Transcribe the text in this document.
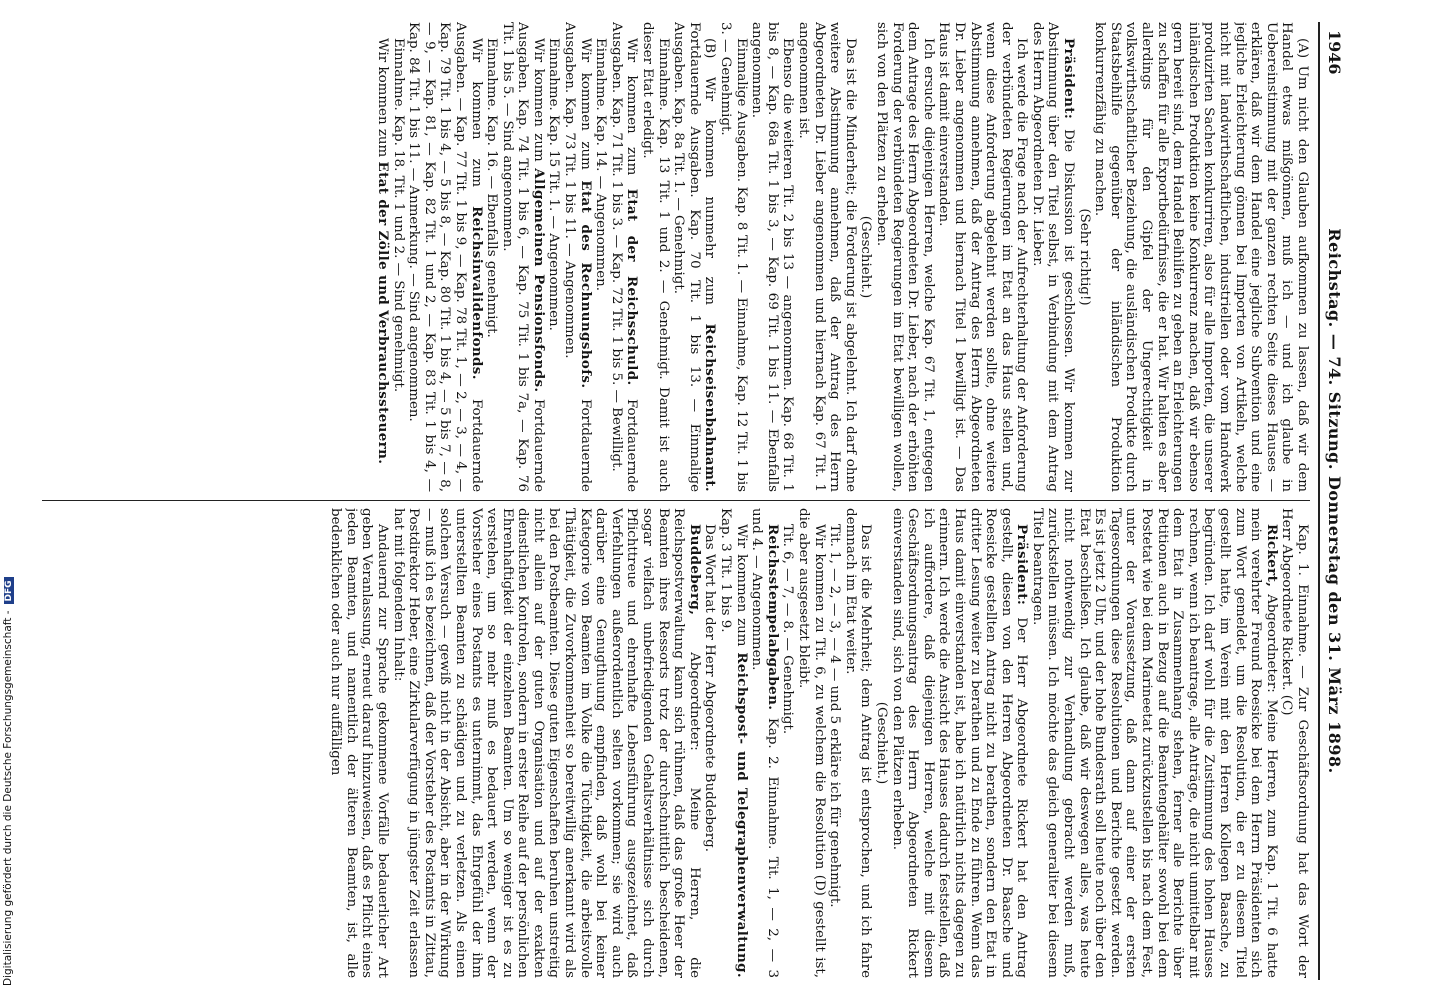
1946
Reichstag. — 74. Sitzung. Donnerstag den 31. März 1898.

(A) Um nicht den Glauben aufkommen zu lassen, daß wir dem Handel etwas mißgönnen, muß ich — und ich glaube in Uebereinstimmung mit der ganzen rechten Seite dieses Hauses — erklären, daß wir dem Handel eine jegliche Subvention und eine jegliche Erleichterung gönnen bei Importen von Artikeln, welche nicht mit landwirthschaftlichen, industriellen oder vom Handwerk produzirten Sachen konkurriren, also für alle Importen, die unserer inländischen Produktion keine Konkurrenz machen, daß wir ebenso gern bereit sind, dem Handel Beihilfen zu geben an Erleichterungen zu schaffen für alle Exportbedürfnisse, die er hat. Wir halten es aber allerdings für den Gipfel der Ungerechtigkeit in volkswirthschaftlicher Beziehung, die ausländischen Produkte durch Staatsbeihilfe gegenüber der inländischen Produktion konkurrenzfähig zu machen.

(Sehr richtig!)

Präsident: Die Diskussion ist geschlossen. Wir kommen zur Abstimmung über den Titel selbst, in Verbindung mit dem Antrag des Herrn Abgeordneten Dr. Lieber.

Ich werde die Frage nach der Aufrechterhaltung der Anforderung der verbündeten Regierungen im Etat an das Haus stellen und, wenn diese Anforderung abgelehnt werden sollte, ohne weitere Abstimmung annehmen, daß der Antrag des Herrn Abgeordneten Dr. Lieber angenommen und hiernach Titel 1 bewilligt ist. — Das Haus ist damit einverstanden.

Ich ersuche diejenigen Herren, welche Kap. 67 Tit. 1, entgegen dem Antrage des Herrn Abgeordneten Dr. Lieber, nach der erhöhten Forderung der verbündeten Regierungen im Etat bewilligen wollen, sich von den Plätzen zu erheben.

(Geschieht.)

Das ist die Minderheit; die Forderung ist abgelehnt. Ich darf ohne weitere Abstimmung annehmen, daß der Antrag des Herrn Abgeordneten Dr. Lieber angenommen und hiernach Kap. 67 Tit. 1 angenommen ist.

Ebenso die weiteren Tit. 2 bis 13 — angenommen. Kap. 68 Tit. 1 bis 8, — Kap. 68a Tit. 1 bis 3, — Kap. 69 Tit. 1 bis 11. — Ebenfalls angenommen.

Einmalige Ausgaben. Kap. 8 Tit. 1. — Einnahme, Kap. 12 Tit. 1 bis 3. — Genehmigt.

(B) Wir kommen nunmehr zum Reichseisenbahnamt. Fortdauernde Ausgaben. Kap. 70 Tit. 1 bis 13. — Einmalige Ausgaben. Kap. 8a Tit. 1. — Genehmigt.

Einnahme. Kap. 13 Tit. 1 und 2. — Genehmigt. Damit ist auch dieser Etat erledigt.

Wir kommen zum Etat der Reichsschuld. Fortdauernde Ausgaben. Kap. 71 Tit. 1 bis 3. — Kap. 72 Tit. 1 bis 5. — Bewilligt.

Einnahme. Kap. 14. — Angenommen.

Wir kommen zum Etat des Rechnungshofs. Fortdauernde Ausgaben. Kap. 73 Tit. 1 bis 11. — Angenommen.

Einnahme. Kap. 15 Tit. 1. — Angenommen.

Wir kommen zum Allgemeinen Pensionsfonds. Fortdauernde Ausgaben. Kap. 74 Tit. 1 bis 6, — Kap. 75 Tit. 1 bis 7a, — Kap. 76 Tit. 1 bis 5. — Sind angenommen.

Einnahme. Kap. 16. — Ebenfalls genehmigt.

Wir kommen zum Reichsinvalidenfonds. Fortdauernde Ausgaben. — Kap. 77 Tit. 1 bis 9, — Kap. 78 Tit. 1, — 2, — 3, — 4, — Kap. 79 Tit. 1 bis 4, — 5 bis 8, — Kap. 80 Tit. 1 bis 4, — 5 bis 7, — 8, — 9, — Kap. 81, — Kap. 82 Tit. 1 und 2, — Kap. 83 Tit. 1 bis 4, — Kap. 84 Tit. 1 bis 11. — Anmerkung. — Sind angenommen.

Einnahme. Kap. 18. Tit. 1 und 2. — Sind genehmigt.

Wir kommen zum Etat der Zölle und Verbrauchssteuern.

Kap. 1. Einnahme. — Zur Geschäftsordnung hat das Wort der Herr Abgeordnete Rickert. (C)

Rickert, Abgeordneter: Meine Herren, zum Kap. 1 Tit. 6 hatte mein verehrter Freund Roesicke bei dem Herrn Präsidenten sich zum Wort gemeldet, um die Resolution, die er zu diesem Titel gestellt hatte, im Verein mit den Herren Kollegen Baasche, zu begründen. Ich darf wohl für die Zustimmung des hohen Hauses rechnen, wenn ich beantrage, alle Anträge, die nicht unmittelbar mit dem Etat in Zusammenhang stehen, ferner alle Berichte über Petitionen auch in Bezug auf die Beamtengehälter sowohl bei dem Postetat wie bei dem Marineetat zurückzustellen bis nach dem Fest, unter der Voraussetzung, daß dann auf einer der ersten Tagesordnungen diese Resolutionen und Berichte gesetzt werden. Es ist jetzt 2 Uhr, und der hohe Bundesrath soll heute noch über den Etat beschließen. Ich glaube, daß wir deswegen alles, was heute nicht nothwendig zur Verhandlung gebracht werden muß, zurückstellen müssen. Ich möchte das gleich generaliter bei diesem Titel beantragen.

Präsident: Der Herr Abgeordnete Rickert hat den Antrag gestellt, diesen von den Herren Abgeordneten Dr. Baasche und Roesicke gestellten Antrag nicht zu berathen, sondern den Etat in dritter Lesung weiter zu berathen und zu Ende zu führen. Wenn das Haus damit einverstanden ist, habe ich natürlich nichts dagegen zu erinnern. Ich werde die Ansicht des Hauses dadurch feststellen, daß ich auffordere, daß diejenigen Herren, welche mit diesem Geschäftsordnungsantrag des Herrn Abgeordneten Rickert einverstanden sind, sich von den Plätzen erheben.

(Geschieht.)

Das ist die Mehrheit; dem Antrag ist entsprochen, und ich fahre demnach im Etat weiter.

Tit. 1, — 2, — 3, — 4 — und 5 erkläre ich für genehmigt.

Wir kommen zu Tit. 6, zu welchem die Resolution (D) gestellt ist, die aber ausgesetzt bleibt.

Tit. 6, — 7, — 8. — Genehmigt.

Reichsstempelabgaben. Kap. 2. Einnahme. Tit. 1, — 2, — 3 und 4. — Angenommen.

Wir kommen zum Reichspost- und Telegraphenverwaltung. Kap. 3 Tit. 1 bis 9.

Das Wort hat der Herr Abgeordnete Buddeberg.

Buddeberg, Abgeordneter: Meine Herren, die Reichspostverwaltung kann sich rühmen, daß das große Heer der Beamten ihres Ressorts trotz der durchschnittlich bescheidenen, sogar vielfach unbefriedigenden Gehaltsverhältnisse sich durch Pflichttreue und ehrenhafte Lebensführung ausgezeichnet, daß Verfehlungen außerordentlich selten vorkommen; sie wird auch darüber eine Genugthuung empfinden, daß wohl bei keiner Kategorie von Beamten im Volke die Tüchtigkeit, die arbeitsvolle Thätigkeit, die Zuvorkommenheit so bereitwillig anerkannt wird als bei den Postbeamten. Diese guten Eigenschaften beruhen unstreitig nicht allein auf der guten Organisation und auf der exakten dienstlichen Kontrolen, sondern in erster Reihe auf der persönlichen Ehrenhaftigkeit der einzelnen Beamten. Um so weniger ist es zu verstehen, um so mehr muß es bedauert werden, wenn der Vorsteher eines Postamts es unternimmt, das Ehrgefühl der ihm unterstellten Beamten zu schädigen und zu verletzen. Als einen solchen Versuch — gewiß nicht in der Absicht, aber in der Wirkung — muß ich es bezeichnen, daß der Vorsteher des Postamts in Zittau, Postdirektor Heber, eine Zirkularverfügung in jüngster Zeit erlassen hat mit folgendem Inhalt:

Andauernd zur Sprache gekommene Vorfälle bedauerlicher Art geben Veranlassung, erneut darauf hinzuweisen, daß es Pflicht eines jeden Beamten, und namentlich der älteren Beamten, ist, alle bedenklichen oder auch nur auffälligen

Digitalisierung gefördert durch die Deutsche Forschungsgemeinschaft -DFG
